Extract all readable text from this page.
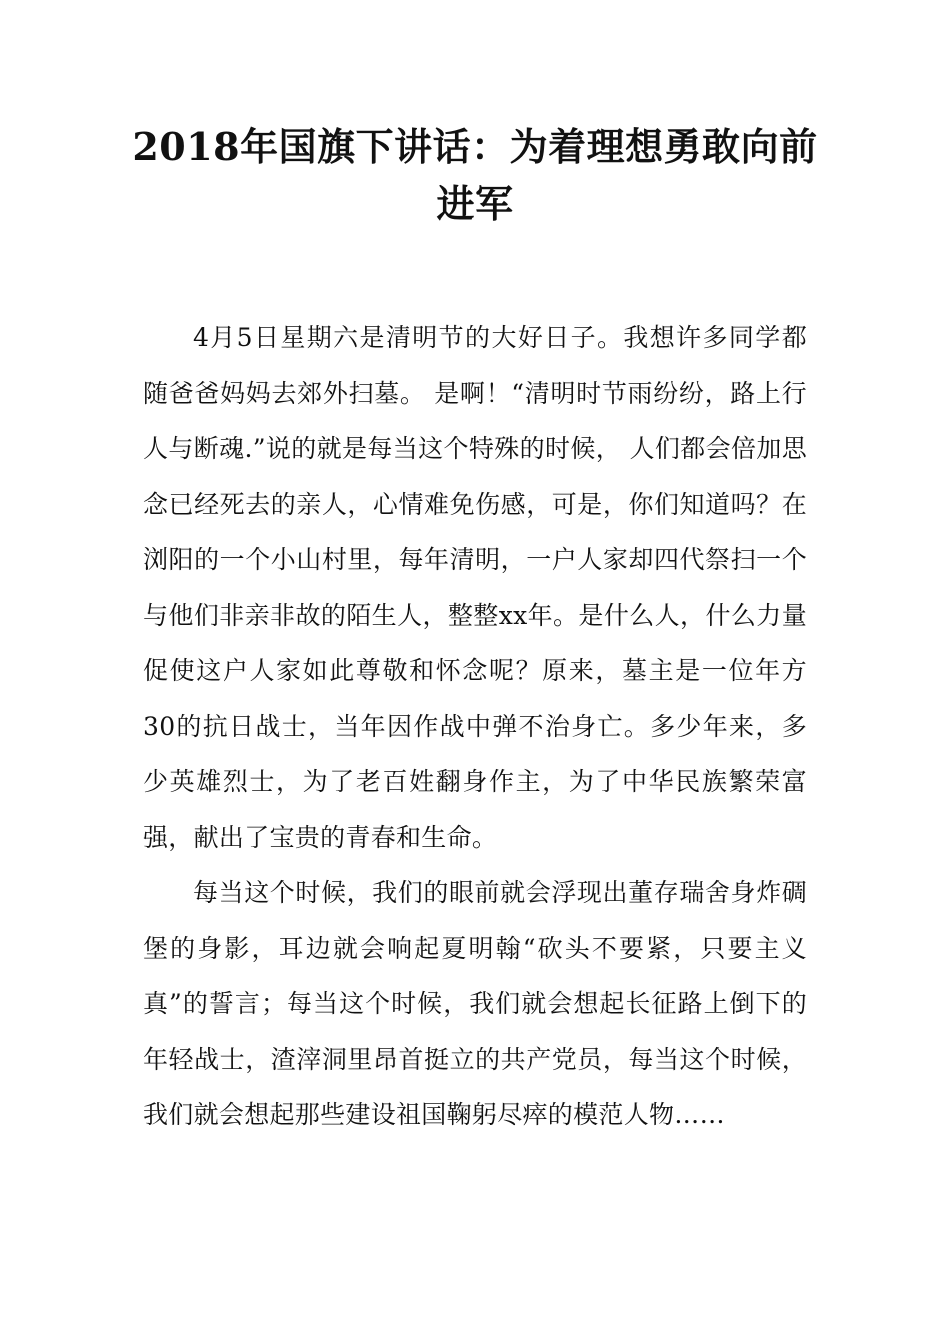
2018年国旗下讲话：为着理想勇敢向前进军

4月5日星期六是清明节的大好日子。我想许多同学都随爸爸妈妈去郊外扫墓。 是啊！“清明时节雨纷纷，路上行人与断魂.”说的就是每当这个特殊的时候， 人们都会倍加思念已经死去的亲人，心情难免伤感，可是，你们知道吗？在浏阳的一个小山村里，每年清明，一户人家却四代祭扫一个与他们非亲非故的陌生人，整整xx年。是什么人，什么力量促使这户人家如此尊敬和怀念呢？原来，墓主是一位年方30的抗日战士，当年因作战中弹不治身亡。多少年来，多少英雄烈士，为了老百姓翻身作主，为了中华民族繁荣富强，献出了宝贵的青春和生命。

每当这个时候，我们的眼前就会浮现出董存瑞舍身炸碉堡的身影，耳边就会响起夏明翰“砍头不要紧，只要主义真”的誓言；每当这个时候，我们就会想起长征路上倒下的年轻战士，渣滓洞里昂首挺立的共产党员，每当这个时候，我们就会想起那些建设祖国鞠躬尽瘁的模范人物……
